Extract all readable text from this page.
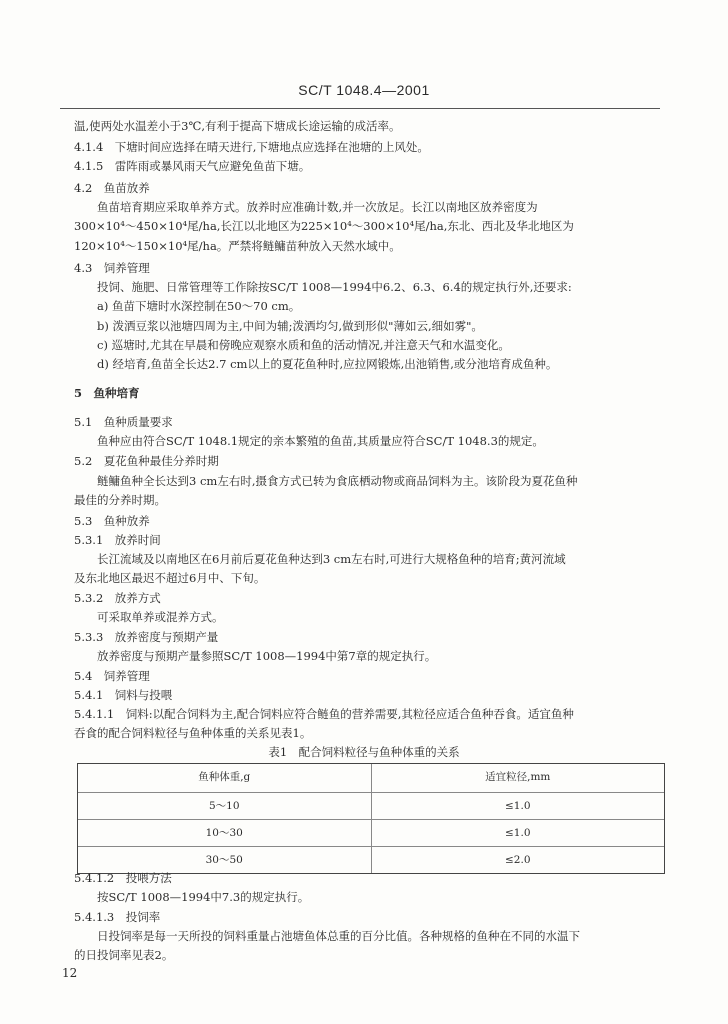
SC/T 1048.4—2001
温,使两处水温差小于3℃,有利于提高下塘成长途运输的成活率。
4.1.4　下塘时间应选择在晴天进行,下塘地点应选择在池塘的上风处。
4.1.5　雷阵雨或暴风雨天气应避免鱼苗下塘。
4.2　鱼苗放养
鱼苗培育期应采取单养方式。放养时应准确计数,并一次放足。长江以南地区放养密度为
300×10⁴～450×10⁴尾/ha,长江以北地区为225×10⁴～300×10⁴尾/ha,东北、西北及华北地区为
120×10⁴～150×10⁴尾/ha。严禁将鲢鳙苗种放入天然水域中。
4.3　饲养管理
投饲、施肥、日常管理等工作除按SC/T 1008—1994中6.2、6.3、6.4的规定执行外,还要求:
a) 鱼苗下塘时水深控制在50～70 cm。
b) 泼洒豆浆以池塘四周为主,中间为辅;泼洒均匀,做到形似"薄如云,细如雾"。
c) 巡塘时,尤其在早晨和傍晚应观察水质和鱼的活动情况,并注意天气和水温变化。
d) 经培育,鱼苗全长达2.7 cm以上的夏花鱼种时,应拉网锻炼,出池销售,或分池培育成鱼种。
5　鱼种培育
5.1　鱼种质量要求
鱼种应由符合SC/T 1048.1规定的亲本繁殖的鱼苗,其质量应符合SC/T 1048.3的规定。
5.2　夏花鱼种最佳分养时期
鲢鳙鱼种全长达到3 cm左右时,摄食方式已转为食底栖动物或商品饲料为主。该阶段为夏花鱼种
最佳的分养时期。
5.3　鱼种放养
5.3.1　放养时间
长江流域及以南地区在6月前后夏花鱼种达到3 cm左右时,可进行大规格鱼种的培育;黄河流域
及东北地区最迟不超过6月中、下旬。
5.3.2　放养方式
可采取单养或混养方式。
5.3.3　放养密度与预期产量
放养密度与预期产量参照SC/T 1008—1994中第7章的规定执行。
5.4　饲养管理
5.4.1　饲料与投喂
5.4.1.1　饲料:以配合饲料为主,配合饲料应符合鲢鱼的营养需要,其粒径应适合鱼种吞食。适宜鱼种
吞食的配合饲料粒径与鱼种体重的关系见表1。
表1　配合饲料粒径与鱼种体重的关系
鱼种体重,g	适宜粒径,mm
5～10	≤1.0
10～30	≤1.0
30～50	≤2.0
5.4.1.2　投喂方法
按SC/T 1008—1994中7.3的规定执行。
5.4.1.3　投饲率
日投饲率是每一天所投的饲料重量占池塘鱼体总重的百分比值。各种规格的鱼种在不同的水温下
的日投饲率见表2。
12
